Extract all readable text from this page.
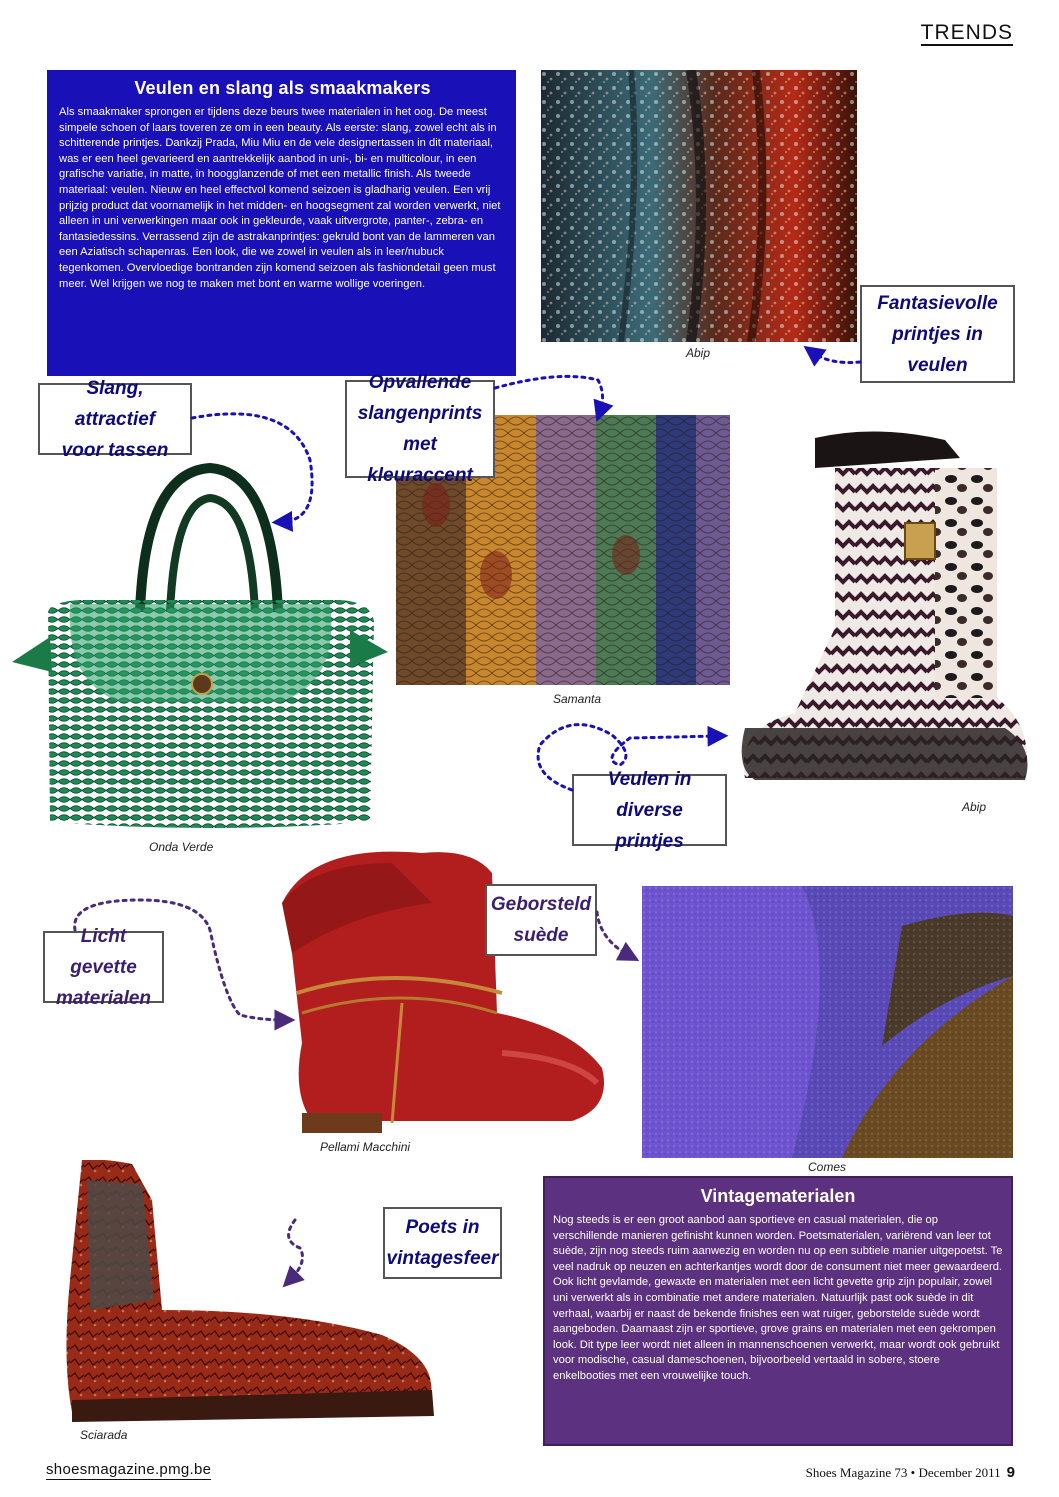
TRENDS
Veulen en slang als smaakmakers

Als smaakmaker sprongen er tijdens deze beurs twee materialen in het oog. De meest simpele schoen of laars toveren ze om in een beauty. Als eerste: slang, zowel echt als in schitterende printjes. Dankzij Prada, Miu Miu en de vele designertassen in dit materiaal, was er een heel gevarieerd en aantrekkelijk aanbod in uni-, bi- en multicolour, in een grafische variatie, in matte, in hoogglanzende of met een metallic finish. Als tweede materiaal: veulen. Nieuw en heel effectvol komend seizoen is gladharig veulen. Een vrij prijzig product dat voornamelijk in het midden- en hoogsegment zal worden verwerkt, niet alleen in uni verwerkingen maar ook in gekleurde, vaak uitvergrote, panter-, zebra- en fantasiedessins. Verrassend zijn de astrakanprintjes: gekruld bont van de lammeren van een Aziatisch schapenras. Een look, die we zowel in veulen als in leer/nubuck tegenkomen. Overvloedige bontranden zijn komend seizoen als fashiondetail geen must meer. Wel krijgen we nog te maken met bont en warme wollige voeringen.

Abip
Samanta
Onda Verde
Abip
Pellami Macchini
Comes
Sciarada
Fantasievolle
printjes in
veulen
Slang, attractief
voor tassen
Opvallende
slangenprints
met kleuraccent
Veulen in
diverse printjes
Licht gevette
materialen
Geborsteld
suède
Poets in
vintagesfeer
Vintagematerialen

Nog steeds is er een groot aanbod aan sportieve en casual materialen, die op verschillende manieren gefinisht kunnen worden. Poetsmaterialen, variërend van leer tot suède, zijn nog steeds ruim aanwezig en worden nu op een subtiele manier uitgepoetst. Te veel nadruk op neuzen en achterkantjes wordt door de consument niet meer gewaardeerd. Ook licht gevlamde, gewaxte en materialen met een licht gevette grip zijn populair, zowel uni verwerkt als in combinatie met andere materialen. Natuurlijk past ook suède in dit verhaal, waarbij er naast de bekende finishes een wat ruiger, geborstelde suède wordt aangeboden. Daarnaast zijn er sportieve, grove grains en materialen met een gekrompen look. Dit type leer wordt niet alleen in mannenschoenen verwerkt, maar wordt ook gebruikt voor modische, casual dameschoenen, bijvoorbeeld vertaald in sobere, stoere enkelbooties met een vrouwelijke touch.

shoesmagazine.pmg.be	Shoes Magazine 73 • December 2011 9
